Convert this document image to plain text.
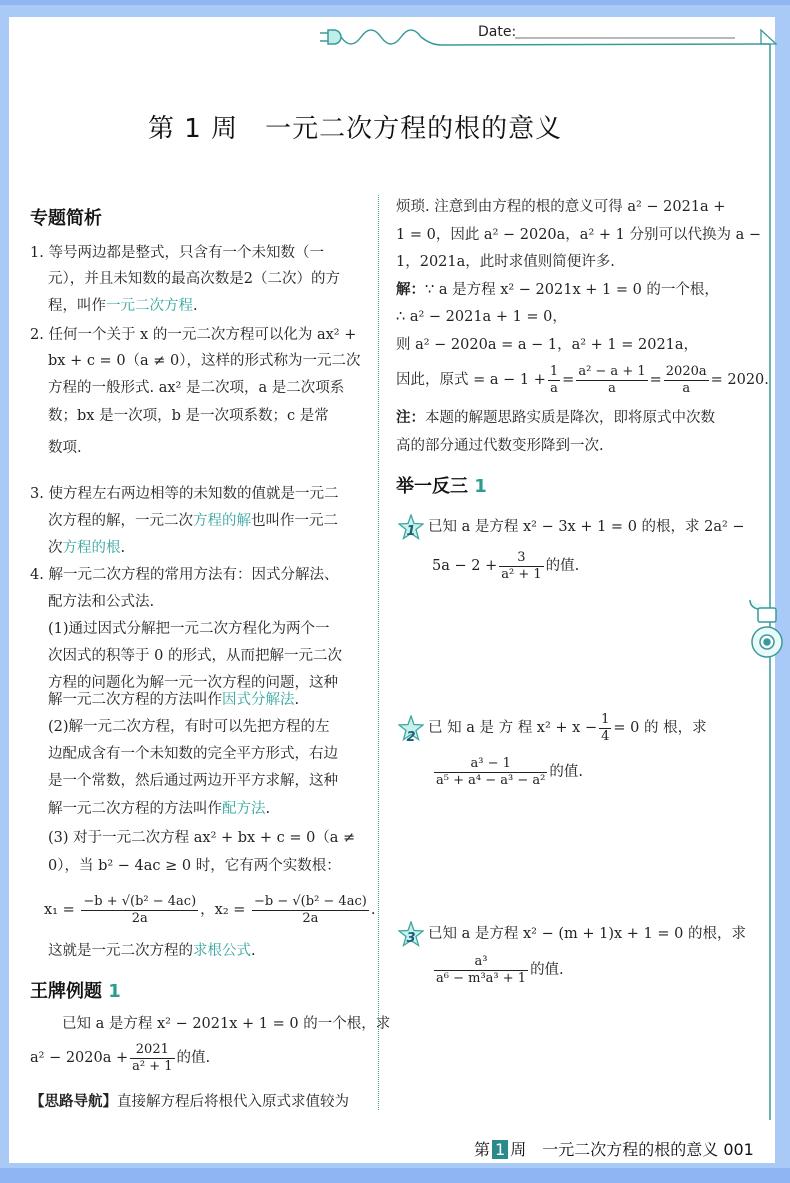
Date:
第 1 周　一元二次方程的根的意义
专题简析
1. 等号两边都是整式，只含有一个未知数（一
元），并且未知数的最高次数是2（二次）的方
程，叫作一元二次方程.
2. 任何一个关于 x 的一元二次方程可以化为 ax² +
bx + c = 0（a ≠ 0），这样的形式称为一元二次
方程的一般形式. ax² 是二次项，a 是二次项系
数；bx 是一次项，b 是一次项系数；c 是常
数项.
3. 使方程左右两边相等的未知数的值就是一元二
次方程的解，一元二次方程的解也叫作一元二
次方程的根.
4. 解一元二次方程的常用方法有：因式分解法、
配方法和公式法.
(1)通过因式分解把一元二次方程化为两个一
次因式的积等于 0 的形式，从而把解一元二次
方程的问题化为解一元一次方程的问题，这种
解一元二次方程的方法叫作因式分解法.
(2)解一元二次方程，有时可以先把方程的左
边配成含有一个未知数的完全平方形式，右边
是一个常数，然后通过两边开平方求解，这种
解一元二次方程的方法叫作配方法.
(3) 对于一元二次方程 ax² + bx + c = 0（a ≠
0），当 b² − 4ac ≥ 0 时，它有两个实数根：
$x_1 = \frac{\text{−b + √(b² − 4ac)}}{2a}$ ，$x_2 = \frac{\text{−b − √(b² − 4ac)}}{2a}$ .
这就是一元二次方程的求根公式.
王牌例题 1
已知 a 是方程 x² − 2021x + 1 = 0 的一个根，求
$a^2 - 2020a + \frac{2021}{\text{a² + 1}}$ 的值.
【思路导航】直接解方程后将根代入原式求值较为
烦琐. 注意到由方程的根的意义可得 a² − 2021a +
1 = 0，因此 a² − 2020a，a² + 1 分别可以代换为 a −
1，2021a，此时求值则简便许多.
解：∵ a 是方程 x² − 2021x + 1 = 0 的一个根，
∴ a² − 2021a + 1 = 0，
则 a² − 2020a = a − 1，a² + 1 = 2021a，
因此，原式 = $a - 1 + \frac{1}{a} = \frac{\text{a² − a + 1}}{a} = \frac{2020a}{a} = 2020$.
注：本题的解题思路实质是降次，即将原式中次数
高的部分通过代数变形降到一次.
举一反三 1
1 已知 a 是方程 x² − 3x + 1 = 0 的根，求 2a² −
$5a - 2 + \frac{3}{\text{a² + 1}}$ 的值.
2
已 知 a 是 方 程 $x^2 + x - \frac{1}{4} = 0$ 的 根，求
$\frac{\text{a³ − 1}}{\text{a⁵ + a⁴ − a³ − a²}}$ 的值.
3 已知 a 是方程 x² − (m + 1)x + 1 = 0 的根，求
$\frac{\text{a³}}{\text{a⁶ − m³a³ + 1}}$ 的值.
第 1 周　一元二次方程的根的意义 001
